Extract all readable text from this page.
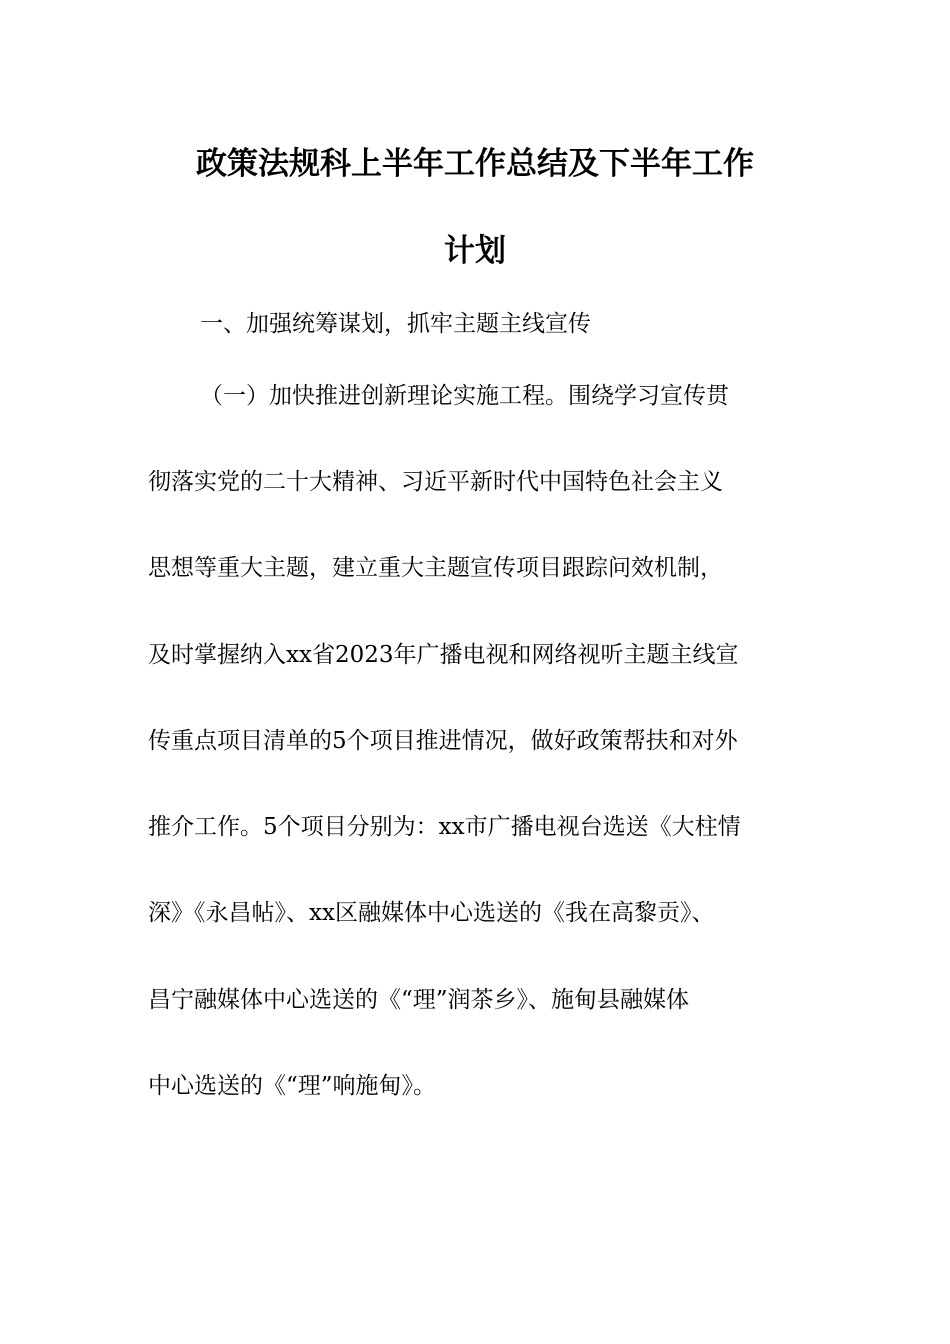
政策法规科上半年工作总结及下半年工作
计划
一、加强统筹谋划，抓牢主题主线宣传
（一）加快推进创新理论实施工程。围绕学习宣传贯
彻落实党的二十大精神、习近平新时代中国特色社会主义
思想等重大主题，建立重大主题宣传项目跟踪问效机制，
及时掌握纳入xx省2023年广播电视和网络视听主题主线宣
传重点项目清单的5个项目推进情况，做好政策帮扶和对外
推介工作。5个项目分别为：xx市广播电视台选送《大柱情
深》《永昌帖》、xx区融媒体中心选送的《我在高黎贡》、
昌宁融媒体中心选送的《“理”润茶乡》、施甸县融媒体
中心选送的《“理”响施甸》。
